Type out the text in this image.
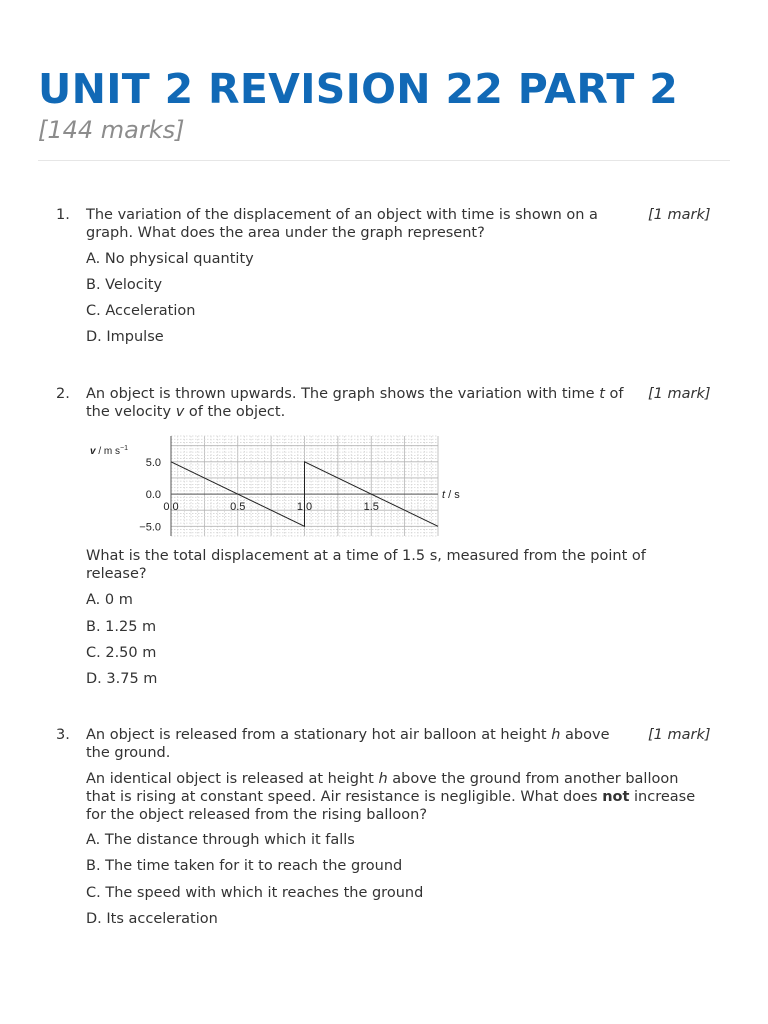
UNIT 2 REVISION 22 PART 2
[144 marks]
1. The variation of the displacement of an object with time is shown on a graph. What does the area under the graph represent?
[1 mark]
A. No physical quantity
B. Velocity
C. Acceleration
D. Impulse
2. An object is thrown upwards. The graph shows the variation with time t of
the velocity v of the object.
[1 mark]
What is the total displacement at a time of 1.5 s, measured from the point of release?
A. 0 m
B. 1.25 m
C. 2.50 m
D. 3.75 m
0.0	0.5	1.0	1.5
5.0
0.0
−5.0
v / m $s^{-1}$
t / s
3. An object is released from a stationary hot air balloon at height h above
the ground.
[1 mark]
An identical object is released at height h above the ground from another balloon that is rising at constant speed. Air resistance is negligible. What does not increase for the object released from the rising balloon?
A. The distance through which it falls
B. The time taken for it to reach the ground
C. The speed with which it reaches the ground
D. Its acceleration
